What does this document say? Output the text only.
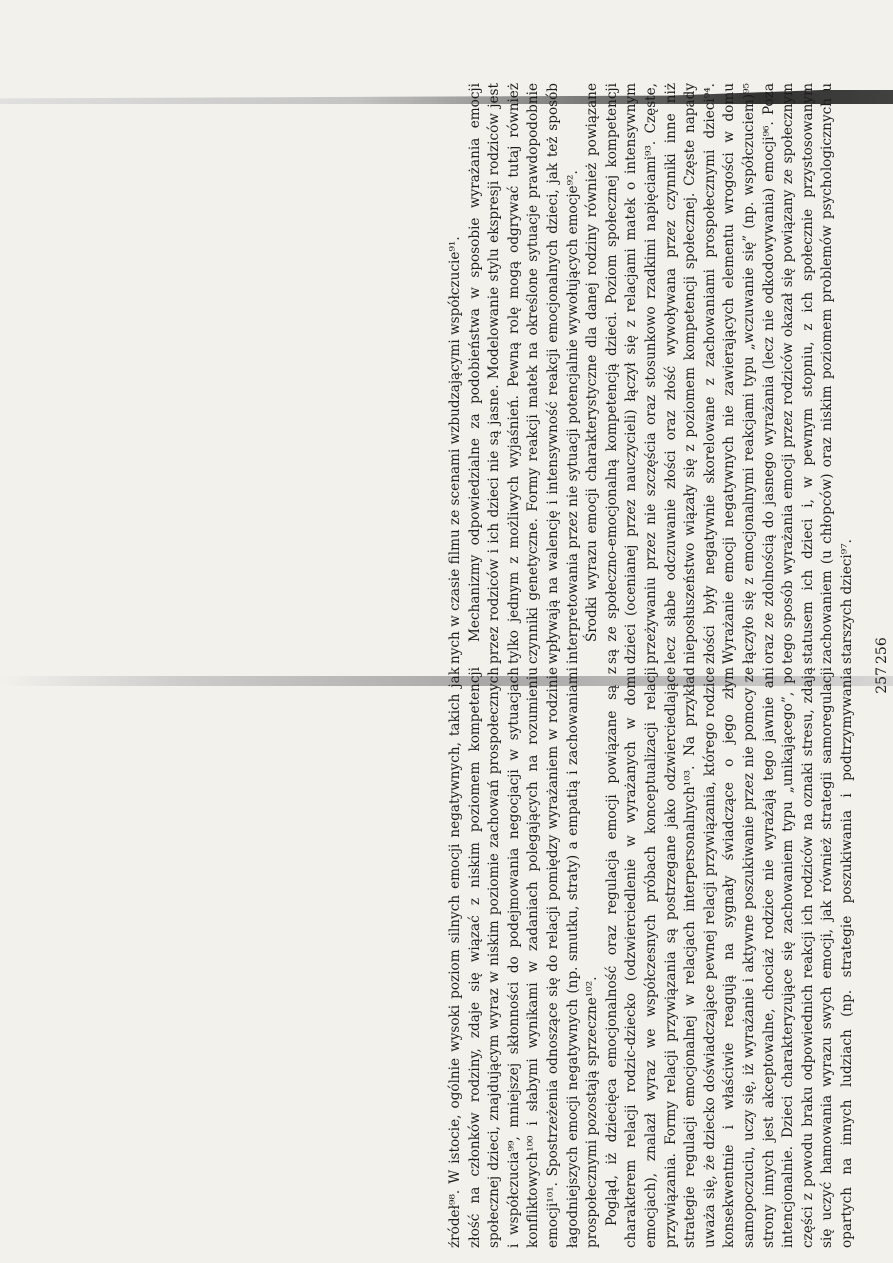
nych w czasie filmu ze scenami wzbudzającymi współczucie⁹¹. Mechanizmy odpowiedzialne za podobieństwa w sposobie wyrażania emocji przez rodziców i ich dzieci nie są jasne. Modelowanie stylu ekspresji rodziców jest tylko jednym z możliwych wyjaśnień. Pewną rolę mogą odgrywać tutaj również czynniki genetyczne. Formy reakcji matek na określone sytuacje prawdopodobnie wpływają na walencję i intensywność reakcji emocjonalnych dzieci, jak też sposób interpretowania przez nie sytuacji potencjalnie wywołujących emocje⁹². Środki wyrazu emocji charakterystyczne dla danej rodziny również powiązane są ze społeczno-emocjonalną kompetencją dzieci. Poziom społecznej kompetencji dzieci (ocenianej przez nauczycieli) łączył się z relacjami matek o intensywnym przeżywaniu przez nie szczęścia oraz stosunkowo rzadkimi napięciami⁹³. Częste, lecz słabe odczuwanie złości oraz złość wywoływana przez czynniki inne niż nieposłuszeństwo wiązały się z poziomem kompetencji społecznej. Częste napady złości były negatywnie skorelowane z zachowaniami prospołecznymi dzieci⁹⁴. Wyrażanie emocji negatywnych nie zawierających elementu wrogości w domu łączyło się z emocjonalnymi reakcjami typu „wczuwanie się” (np. współczuciem)⁹⁵ oraz ze zdolnością do jasnego wyrażania (lecz nie odkodowywania) emocji⁹⁶. Poza tego sposób wyrażania emocji przez rodziców okazał się powiązany ze społecznym statusem ich dzieci i, w pewnym stopniu, z ich społecznie przystosowanym zachowaniem (u chłopców) oraz niskim poziomem problemów psychologicznych u starszych dzieci⁹⁷. 256

źródeł⁹⁸. W istocie, ogólnie wysoki poziom silnych emocji negatywnych, takich jak złość na członków rodziny, zdaje się wiązać z niskim poziomem kompetencji społecznej dzieci, znajdującym wyraz w niskim poziomie zachowań prospołecznych i współczucia⁹⁹, mniejszej skłonności do podejmowania negocjacji w sytuacjach konfliktowych¹⁰⁰ i słabymi wynikami w zadaniach polegających na rozumieniu emocji¹⁰¹. Spostrzeżenia odnoszące się do relacji pomiędzy wyrażaniem w rodzinie łagodniejszych emocji negatywnych (np. smutku, straty) a empatią i zachowaniami prospołecznymi pozostają sprzeczne¹⁰². Pogląd, iż dziecięca emocjonalność oraz regulacja emocji powiązane są z charakterem relacji rodzic-dziecko (odzwierciedlenie w wyrażanych w domu emocjach), znalazł wyraz we współczesnych próbach konceptualizacji relacji przywiązania. Formy relacji przywiązania są postrzegane jako odzwierciedlające strategie regulacji emocjonalnej w relacjach interpersonalnych¹⁰³. Na przykład uważa się, że dziecko doświadczające pewnej relacji przywiązania, którego rodzice konsekwentnie i właściwie reagują na sygnały świadczące o jego złym samopoczuciu, uczy się, iż wyrażanie i aktywne poszukiwanie przez nie pomocy ze strony innych jest akceptowalne, chociaż rodzice nie wyrażają tego jawnie ani intencjonalnie. Dzieci charakteryzujące się zachowaniem typu „unikającego”, po części z powodu braku odpowiednich reakcji ich rodziców na oznaki stresu, zdają się uczyć hamowania wyrazu swych emocji, jak również strategii samoregulacji opartych na innych ludziach (np. strategie poszukiwania i podtrzymywania	257
